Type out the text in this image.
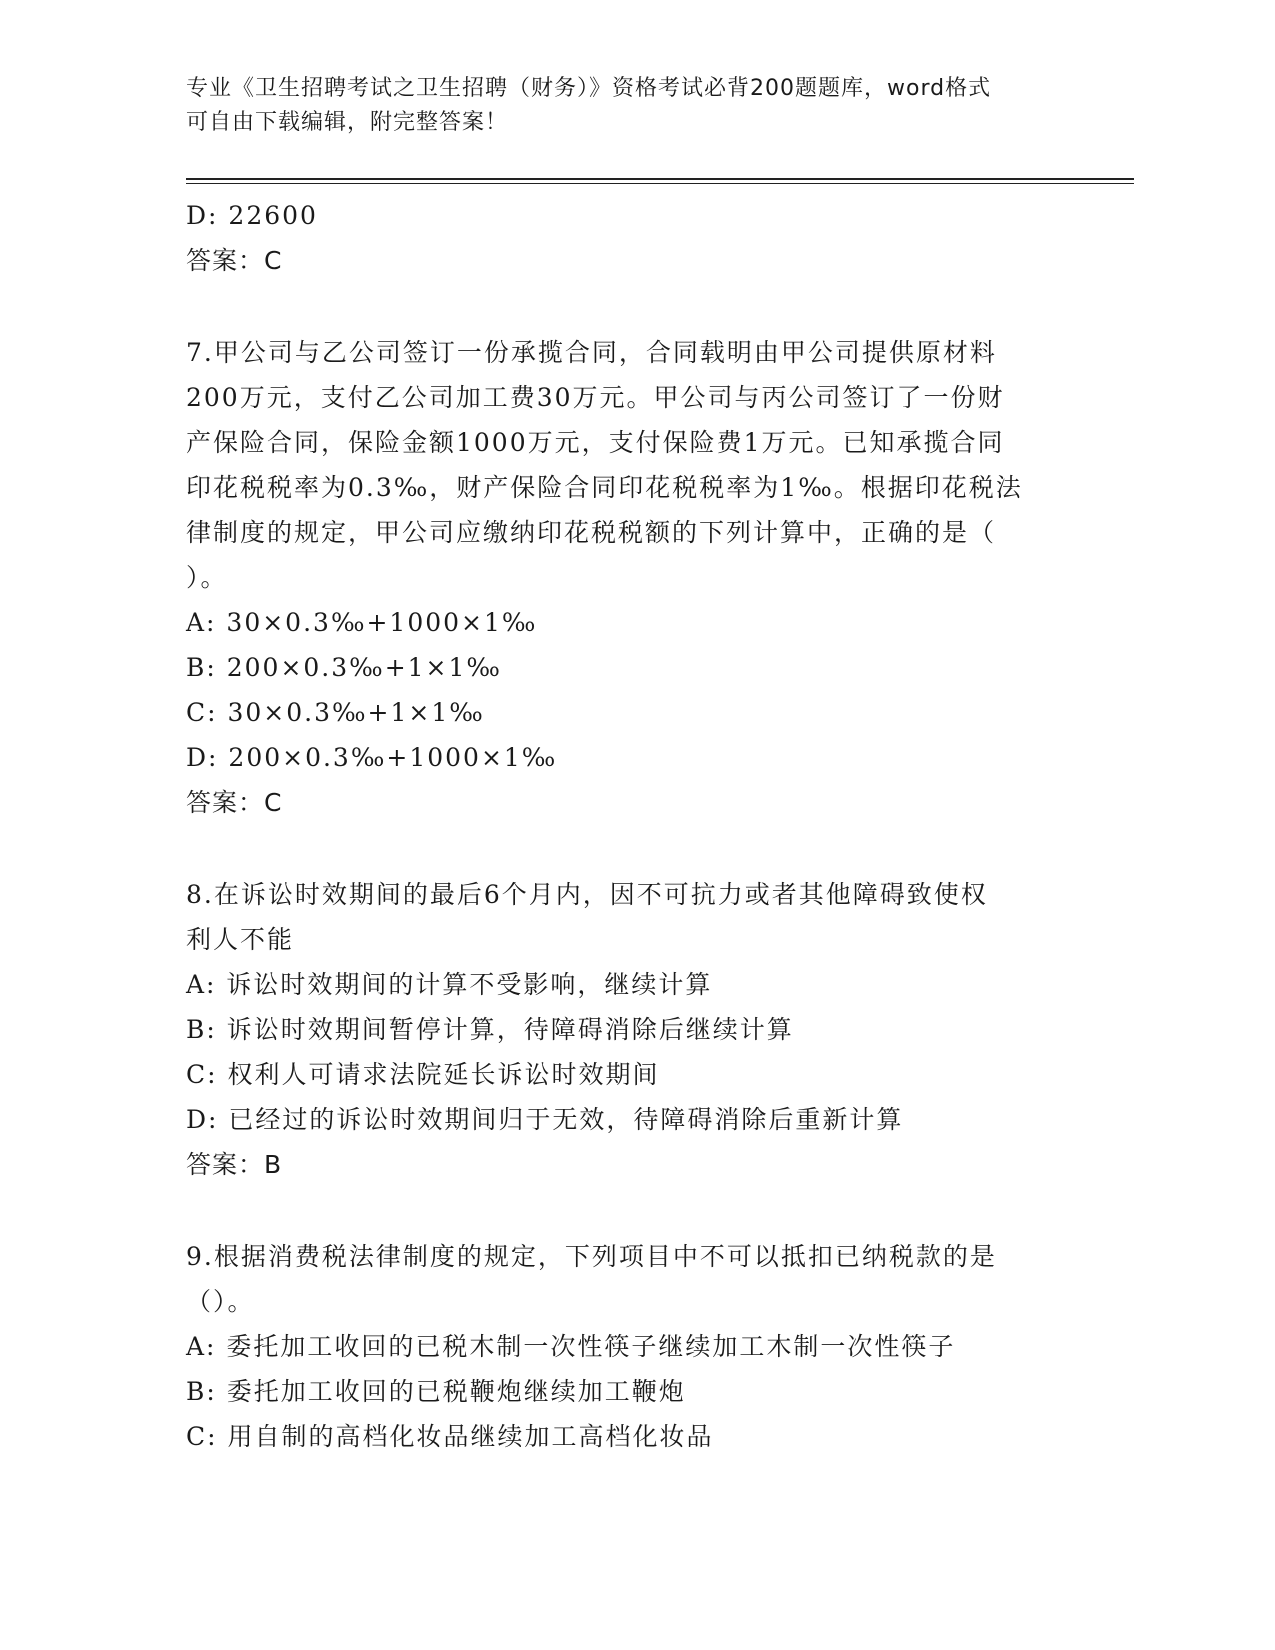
专业《卫生招聘考试之卫生招聘（财务）》资格考试必背200题题库，word格式
可自由下载编辑，附完整答案！
D: 22600
答案：C
7.甲公司与乙公司签订一份承揽合同，合同载明由甲公司提供原材料
200万元，支付乙公司加工费30万元。甲公司与丙公司签订了一份财
产保险合同，保险金额1000万元，支付保险费1万元。已知承揽合同
印花税税率为0.3‰，财产保险合同印花税税率为1‰。根据印花税法
律制度的规定，甲公司应缴纳印花税税额的下列计算中，正确的是（
）。
A: 30×0.3‰+1000×1‰
B: 200×0.3‰+1×1‰
C: 30×0.3‰+1×1‰
D: 200×0.3‰+1000×1‰
答案：C
8.在诉讼时效期间的最后6个月内，因不可抗力或者其他障碍致使权
利人不能
A: 诉讼时效期间的计算不受影响，继续计算
B: 诉讼时效期间暂停计算，待障碍消除后继续计算
C: 权利人可请求法院延长诉讼时效期间
D: 已经过的诉讼时效期间归于无效，待障碍消除后重新计算
答案：B
9.根据消费税法律制度的规定，下列项目中不可以抵扣已纳税款的是
（）。
A: 委托加工收回的已税木制一次性筷子继续加工木制一次性筷子
B: 委托加工收回的已税鞭炮继续加工鞭炮
C: 用自制的高档化妆品继续加工高档化妆品
